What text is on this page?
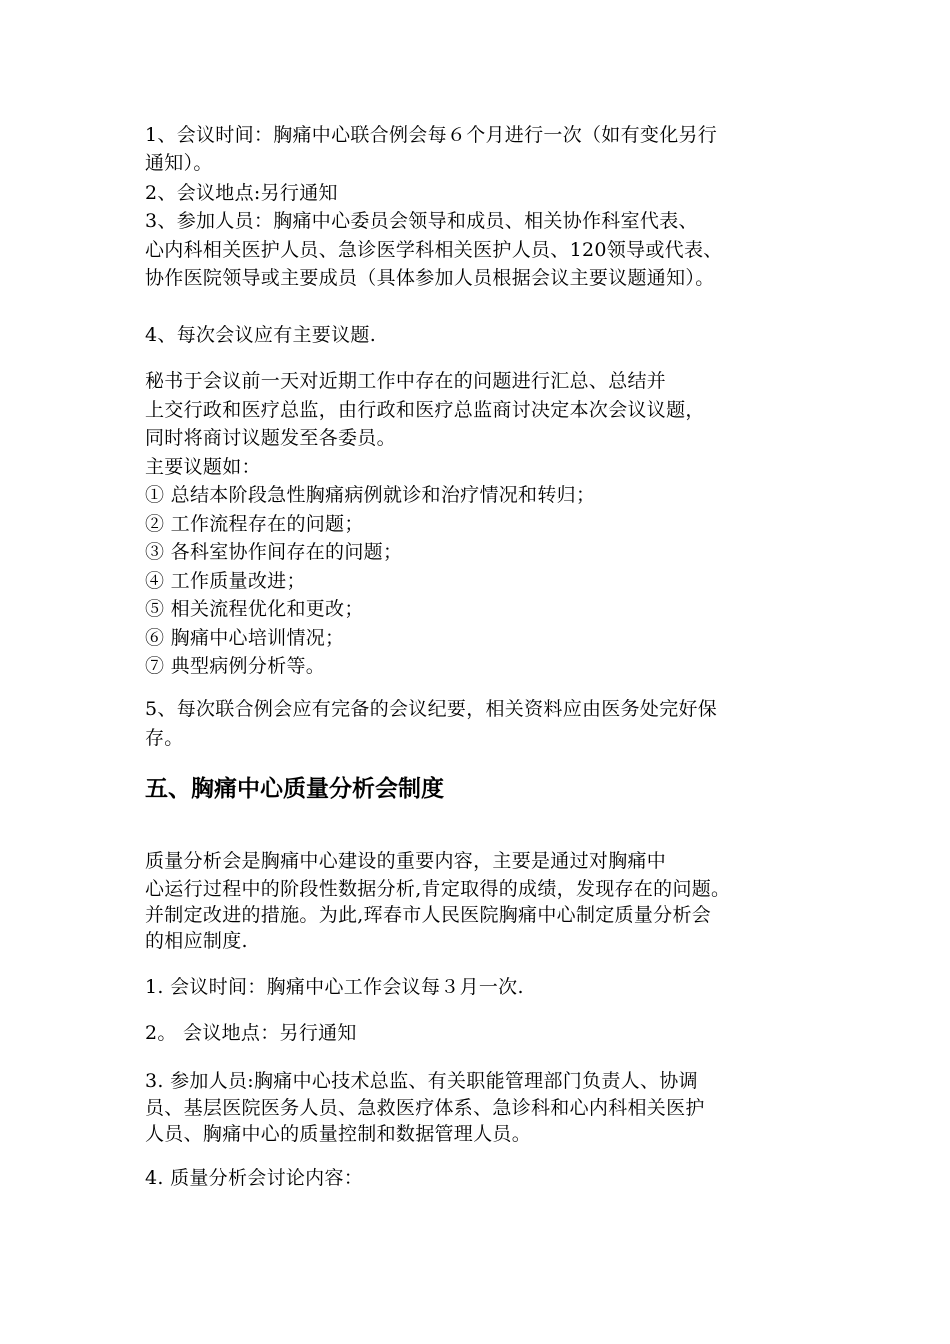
1、会议时间：胸痛中心联合例会每６个月进行一次（如有变化另行
通知）。
2、会议地点:另行通知
3、参加人员：胸痛中心委员会领导和成员、相关协作科室代表、
心内科相关医护人员、急诊医学科相关医护人员、120领导或代表、
协作医院领导或主要成员（具体参加人员根据会议主要议题通知）。
4、每次会议应有主要议题.
秘书于会议前一天对近期工作中存在的问题进行汇总、总结并
上交行政和医疗总监，由行政和医疗总监商讨决定本次会议议题，
同时将商讨议题发至各委员。
主要议题如：
① 总结本阶段急性胸痛病例就诊和治疗情况和转归；
② 工作流程存在的问题；
③ 各科室协作间存在的问题；
④ 工作质量改进；
⑤ 相关流程优化和更改；
⑥ 胸痛中心培训情况；
⑦ 典型病例分析等。
5、每次联合例会应有完备的会议纪要，相关资料应由医务处完好保
存。
五、胸痛中心质量分析会制度
质量分析会是胸痛中心建设的重要内容，主要是通过对胸痛中
心运行过程中的阶段性数据分析,肯定取得的成绩，发现存在的问题。
并制定改进的措施。为此,珲春市人民医院胸痛中心制定质量分析会
的相应制度.
1. 会议时间：胸痛中心工作会议每３月一次.
2。 会议地点：另行通知
3. 参加人员:胸痛中心技术总监、有关职能管理部门负责人、协调
员、基层医院医务人员、急救医疗体系、急诊科和心内科相关医护
人员、胸痛中心的质量控制和数据管理人员。
4. 质量分析会讨论内容：
